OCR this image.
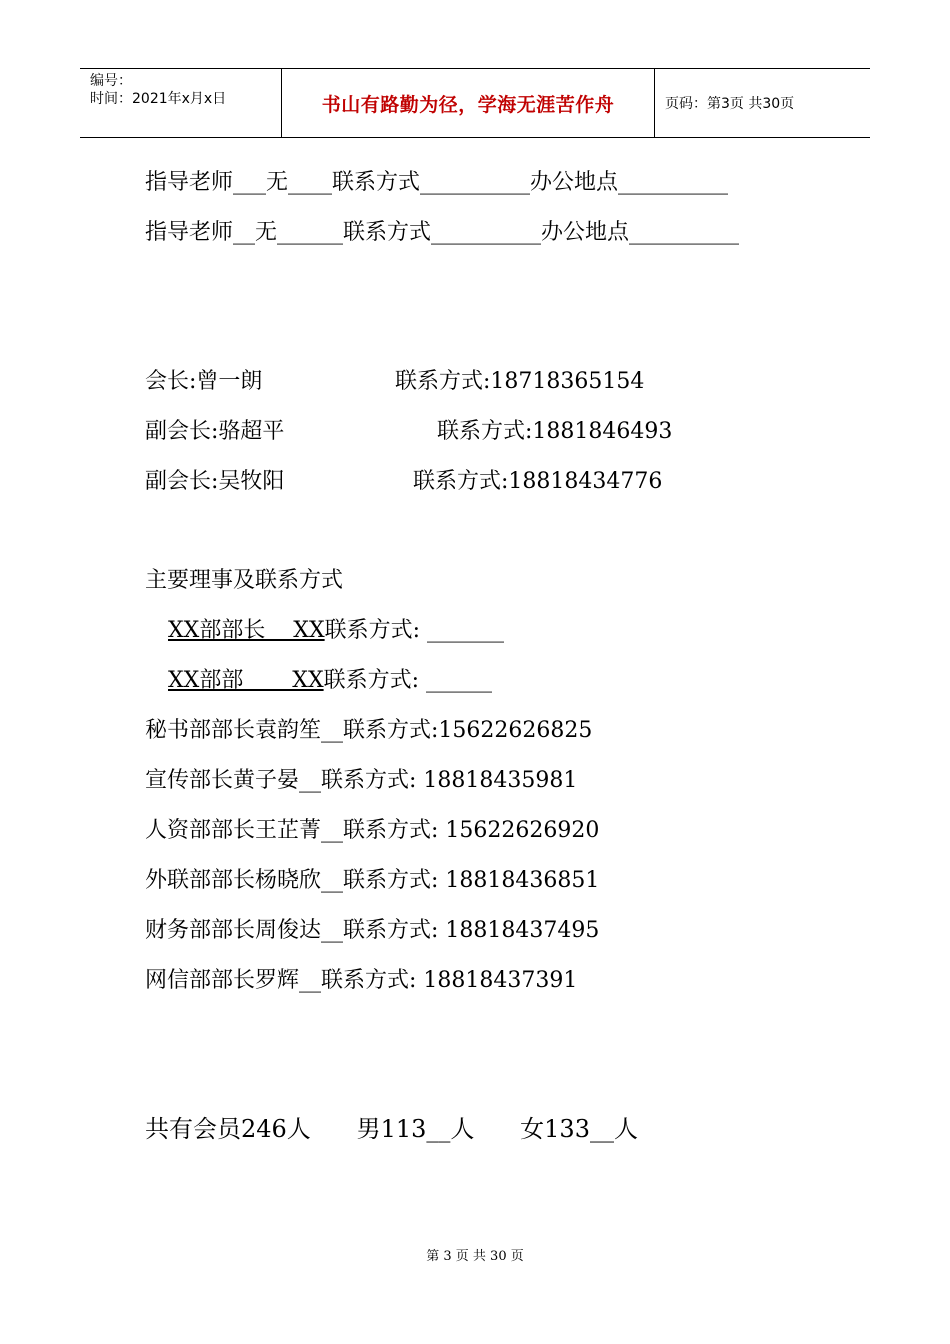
编号：
时间：2021年x月x日	书山有路勤为径，学海无涯苦作舟	页码：第3页 共30页
指导老师___无____联系方式__________办公地点__________
指导老师__无______联系方式__________办公地点__________
会长:曾一朗	联系方式:18718365154
副会长:骆超平	联系方式:1881846493
副会长:吴牧阳	联系方式:18818434776
主要理事及联系方式
XX部部长    XX联系方式: _______
XX部部       XX联系方式: ______
秘书部部长袁韵笙__联系方式:15622626825
宣传部长黄子晏__联系方式: 18818435981
人资部部长王芷菁__联系方式: 15622626920
外联部部长杨晓欣__联系方式: 18818436851
财务部部长周俊达__联系方式: 18818437495
网信部部长罗辉__联系方式: 18818437391
共有会员246人      男113__人      女133__人
第 3 页 共 30 页
